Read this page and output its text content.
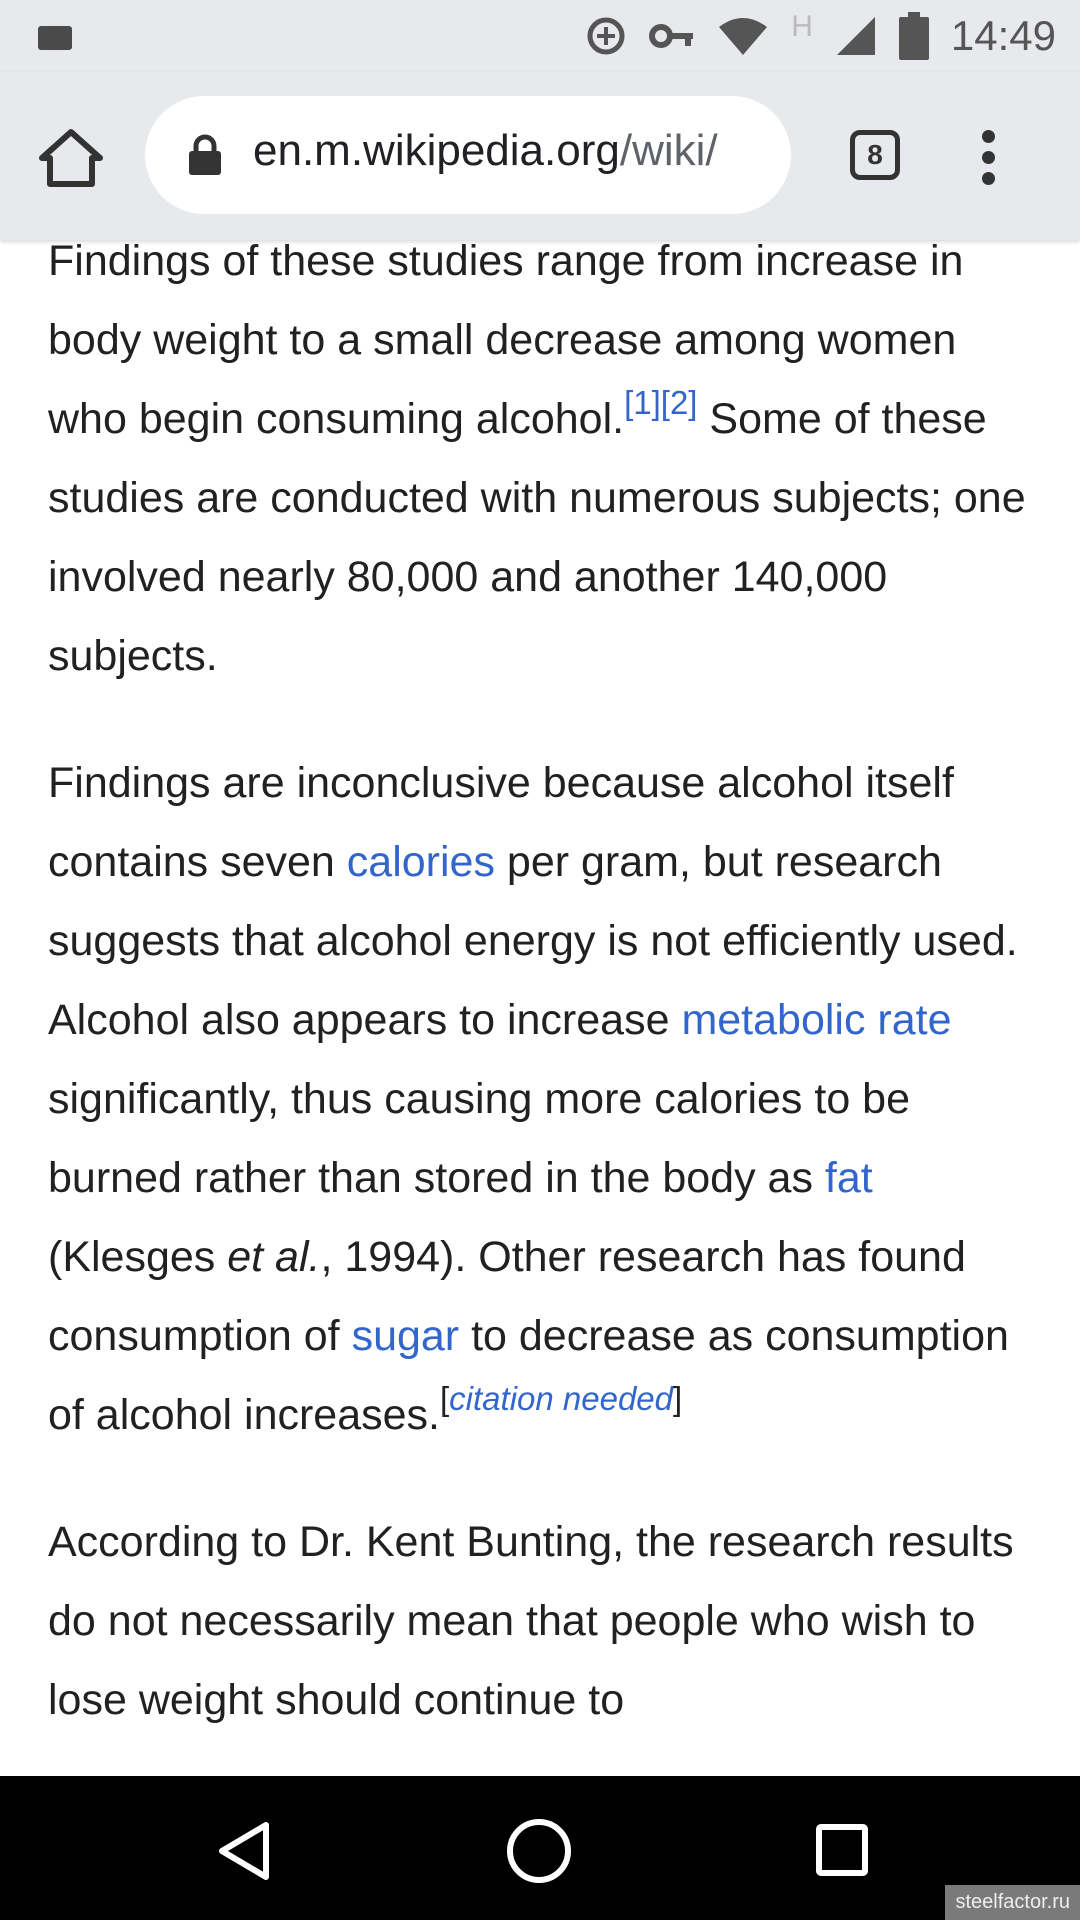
H	14:49
en.m.wikipedia.org/wiki/	8

Findings of these studies range from increase in body weight to a small decrease among women who begin consuming alcohol.[1][2] Some of these studies are conducted with numerous subjects; one involved nearly 80,000 and another 140,000 subjects.

Findings are inconclusive because alcohol itself contains seven calories per gram, but research suggests that alcohol energy is not efficiently used. Alcohol also appears to increase metabolic rate significantly, thus causing more calories to be burned rather than stored in the body as fat (Klesges et al., 1994). Other research has found consumption of sugar to decrease as consumption of alcohol increases.[citation needed]

According to Dr. Kent Bunting, the research results do not necessarily mean that people who wish to lose weight should continue to

steelfactor.ru
